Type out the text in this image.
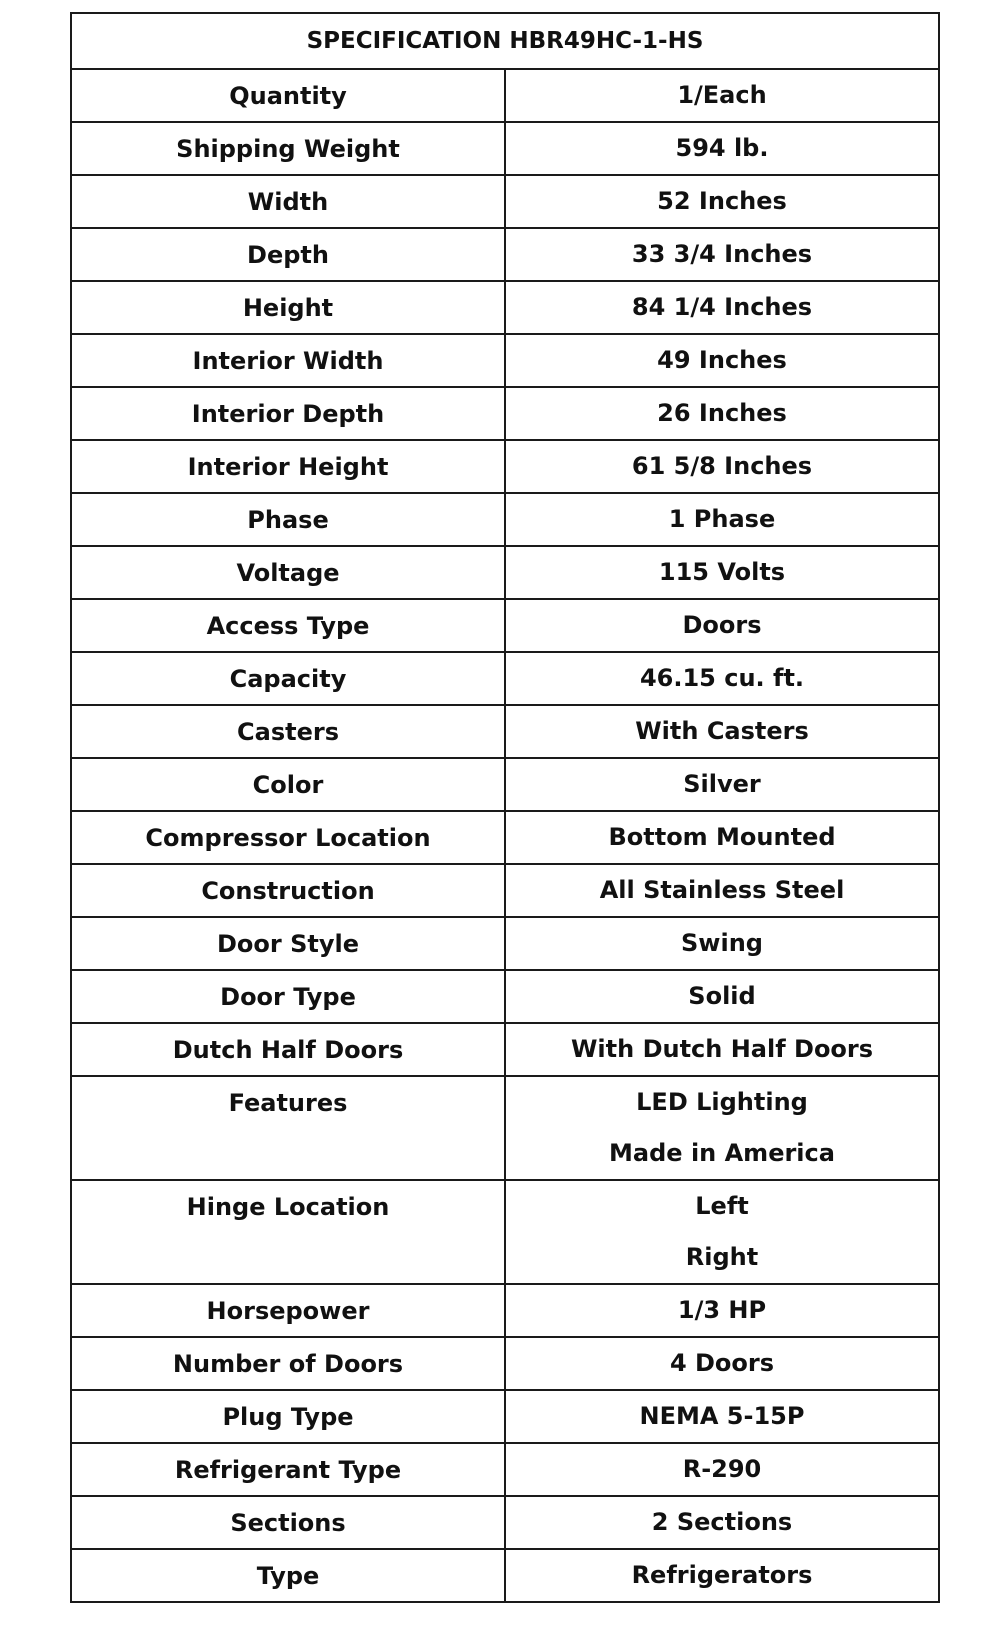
SPECIFICATION HBR49HC-1-HS	
Quantity	1/Each

Shipping Weight	594 lb.

Width	52 Inches

Depth	33 3/4 Inches

Height	84 1/4 Inches

Interior Width	49 Inches

Interior Depth	26 Inches

Interior Height	61 5/8 Inches

Phase	1 Phase

Voltage	115 Volts

Access Type	Doors

Capacity	46.15 cu. ft.

Casters	With Casters

Color	Silver

Compressor Location	Bottom Mounted

Construction	All Stainless Steel

Door Style	Swing

Door Type	Solid

Dutch Half Doors	With Dutch Half Doors

Features	LED Lighting
Made in America

Hinge Location	Left
Right

Horsepower	1/3 HP

Number of Doors	4 Doors

Plug Type	NEMA 5-15P

Refrigerant Type	R-290

Sections	2 Sections

Type	Refrigerators
